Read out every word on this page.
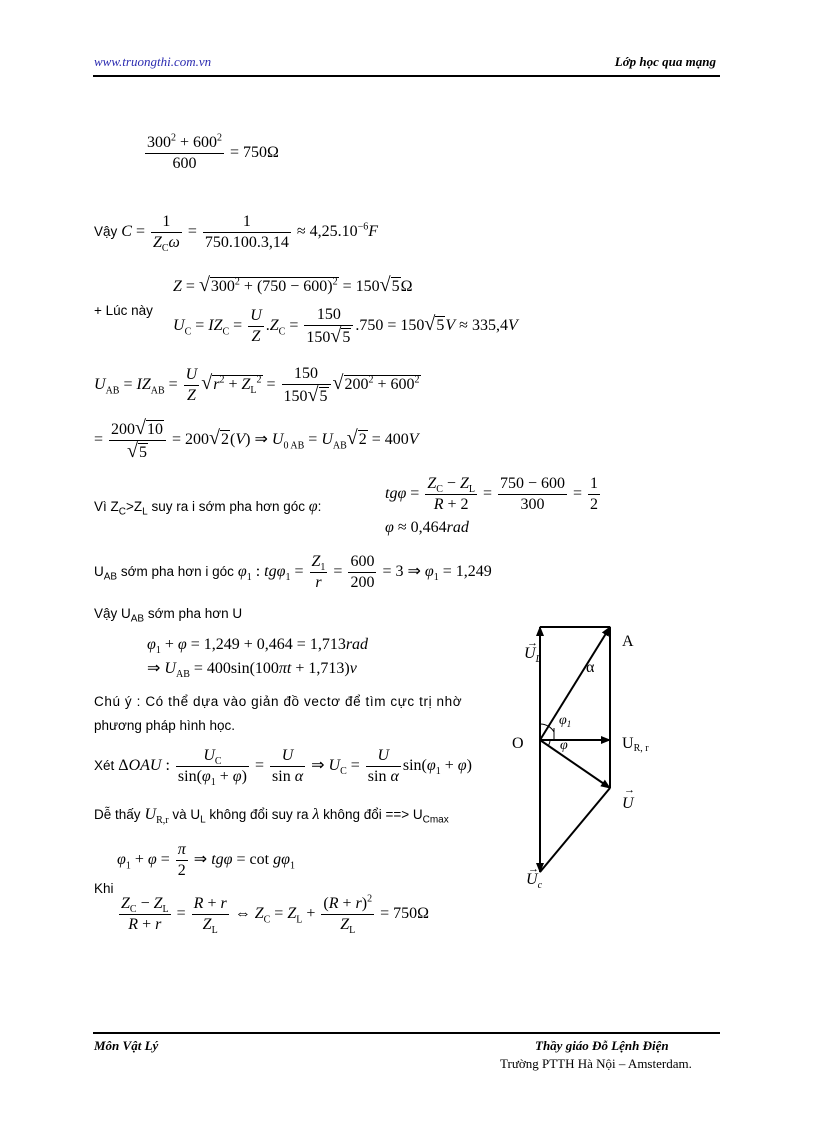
www.truongthi.com.vn	Lớp học qua mạng
$\frac{300^2 + 600^2}{600} = 750\Omega$
Vậy $C = \frac{1}{Z_C\omega} = \frac{1}{750.100.3,14} \approx 4,25.10^{-6}F$
$Z = √300^2 + (750 - 600)^2 = 150√5\Omega$
+ Lúc này
$U_C = IZ_C = \frac{U}{Z} .Z_C = \frac{150}{150√5} .750 = 150√5V \approx 335,4V$
$U_{AB} = IZ_{AB} = \frac{U}{Z} √r^2 + Z_L^2 = \frac{150}{150√5} √200^2 + 600^2$
= $\frac{200√10}{√5} = 200√2(V)$ ⇒ $U_{0 AB} = U_{AB}√2 = 400V$
Vì $Z_C>Z_L$ suy ra i sớm pha hơn góc φ:
$tg\varphi = \frac{Z_C - Z_L}{R + 2} = \frac{750 - 600}{300} = \frac{1}{2}$
φ ≈ 0,464rad
$U_{AB}$ sớm pha hơn i góc $\varphi_1$ : $tg\varphi_1 = \frac{Z_1}{r} = \frac{600}{200} = 3$ ⇒ $\varphi_1 = 1,249$
Vậy $U_{AB}$ sớm pha hơn U
$\varphi_1 + \varphi = 1,249 + 0,464 = 1,713rad$
⇒ $U_{AB} = 400\sin(100\pi t + 1,713)v$
Chú ý : Có thể dựa vào giản đồ vectơ để tìm cực trị nhờ
phương pháp hình học.
Xét ΔOAU : $\frac{U_C}{\sin(\varphi_1 + \varphi)} = \frac{U}{\text{sin α}}$ ⇒ $U_C = \frac{U}{\text{sin α}} \sin(\varphi_1 + \varphi)$
Dễ thấy $U_{R,r}$ và $U_L$ không đổi suy ra λ không đổi ==> $U_{Cmax}$
$\varphi_1 + \varphi = \frac{\pi}{2}$ ⇒ $tg\varphi = \cot g\varphi_1$
Khi
$\frac{Z_C - Z_L}{R + r} = \frac{R + r}{Z_L}$ ⇔ $Z_C = Z_L + \frac{(R + r)^2}{Z_L} = 750\Omega$
A
α
O
$\varphi_1$
φ
$U_L$
UR, r
U
$U_c$
→
→
→
Môn Vật Lý	Thầy giáo Đỗ Lệnh Điện
Trường PTTH Hà Nội – Amsterdam.
